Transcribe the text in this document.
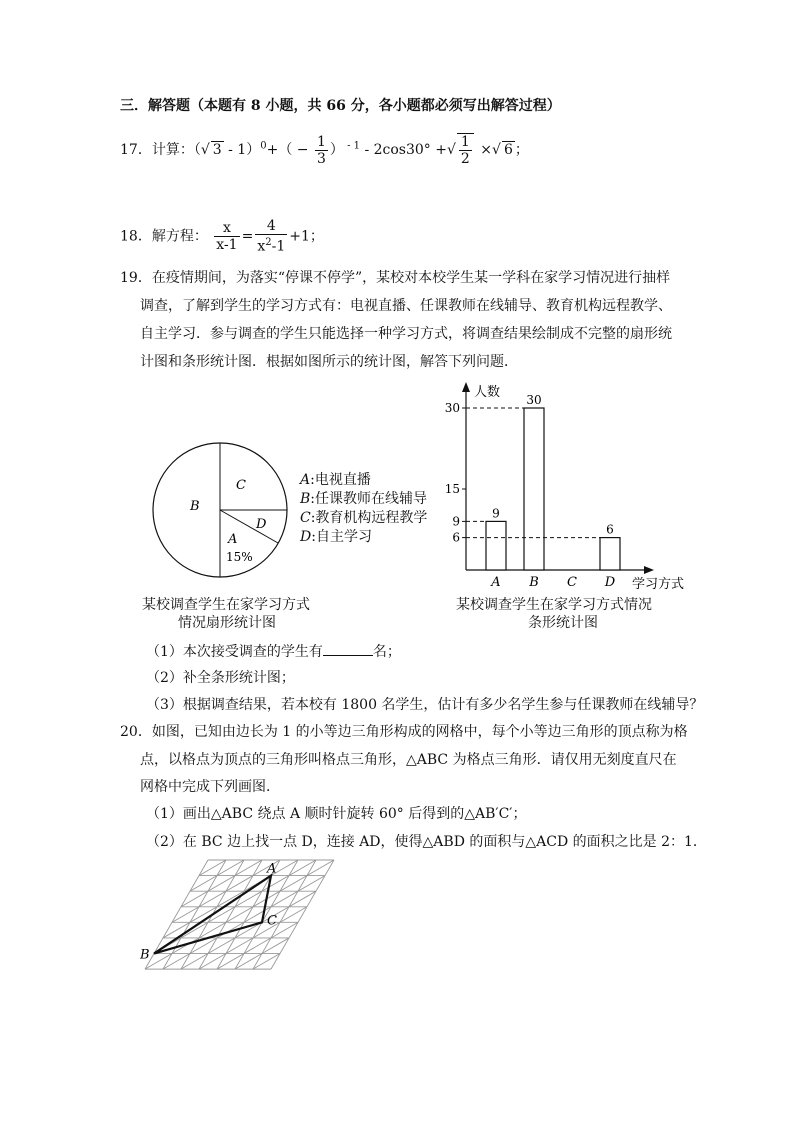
三．解答题（本题有 8 小题，共 66 分，各小题都必须写出解答过程）
17．计算：（√ $3 - 1)^0+( - \frac{1}{3}$ ） $^{- 1}$ - 2cos30° +√ $\frac{1}{2}$ ×√ 6 ；
18．解方程： $\frac{x}{x-1} = \frac{4}{x^2-1} +1$；
19．在疫情期间，为落实“停课不停学”，某校对本校学生某一学科在家学习情况进行抽样
调查，了解到学生的学习方式有：电视直播、任课教师在线辅导、教育机构远程教学、
自主学习．参与调查的学生只能选择一种学习方式，将调查结果绘制成不完整的扇形统
计图和条形统计图．根据如图所示的统计图，解答下列问题．
B
C
D
A
15%
A:电视直播
B:任课教师在线辅导
C:教育机构远程教学
D:自主学习
人数
学习方式
6
9
15
30
A
9
B
30
C D
6
某校调查学生在家学习方式
情况扇形统计图
某校调查学生在家学习方式情况
条形统计图
（1）本次接受调查的学生有	名；
（2）补全条形统计图；
（3）根据调查结果，若本校有 1800 名学生，估计有多少名学生参与任课教师在线辅导？
20．如图，已知由边长为 1 的小等边三角形构成的网格中，每个小等边三角形的顶点称为格
点，以格点为顶点的三角形叫格点三角形，△ABC 为格点三角形．请仅用无刻度直尺在
网格中完成下列画图．
（1）画出△ABC 绕点 A 顺时针旋转 60° 后得到的△AB′C′；
（2）在 BC 边上找一点 D，连接 AD，使得△ABD 的面积与△ACD 的面积之比是 2：1．
A
B
C
